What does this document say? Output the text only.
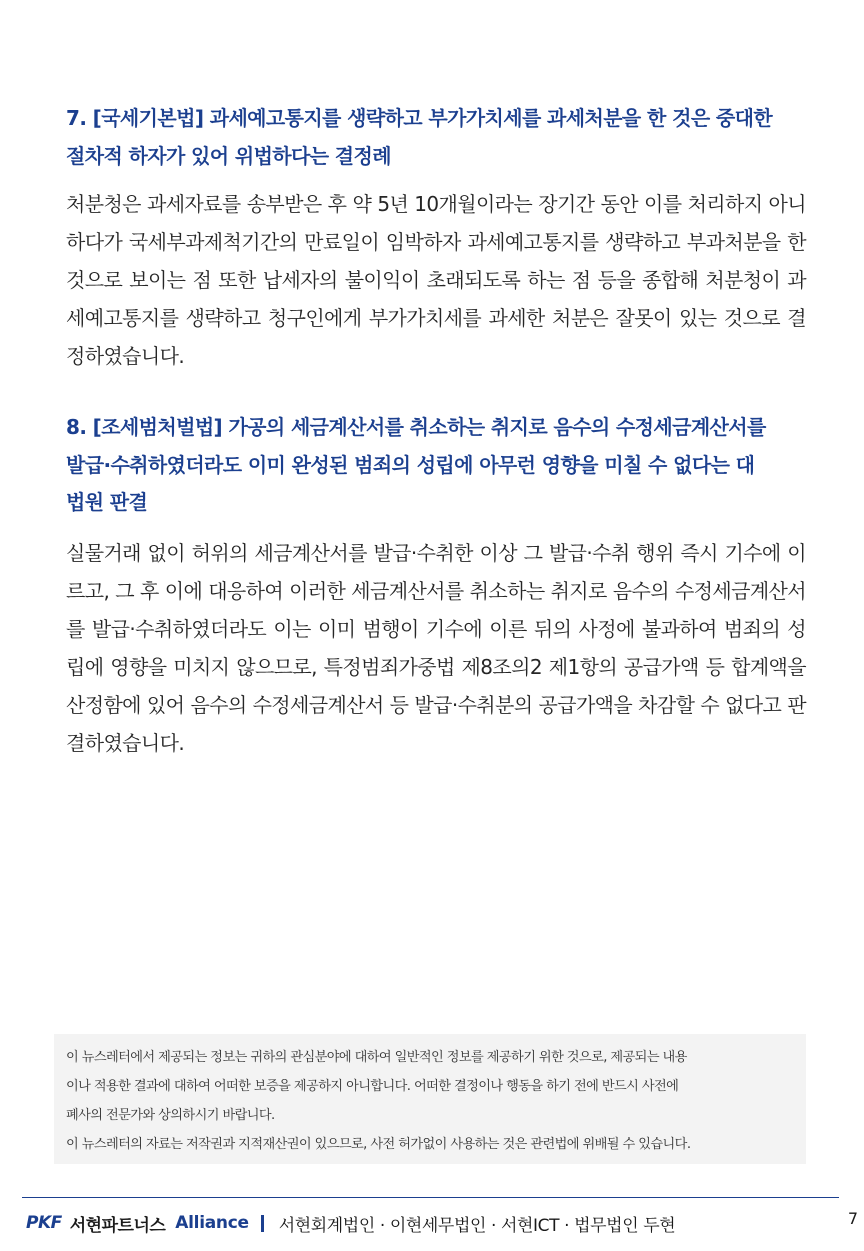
7. [국세기본법] 과세예고통지를 생략하고 부가가치세를 과세처분을 한 것은 중대한
절차적 하자가 있어 위법하다는 결정례

처분청은 과세자료를 송부받은 후 약 5년 10개월이라는 장기간 동안 이를 처리하지 아니하다가 국세부과제척기간의 만료일이 임박하자 과세예고통지를 생략하고 부과처분을 한 것으로 보이는 점 또한 납세자의 불이익이 초래되도록 하는 점 등을 종합해 처분청이 과세예고통지를 생략하고 청구인에게 부가가치세를 과세한 처분은 잘못이 있는 것으로 결정하였습니다.

8. [조세범처벌법] 가공의 세금계산서를 취소하는 취지로 음수의 수정세금계산서를
발급·수취하였더라도 이미 완성된 범죄의 성립에 아무런 영향을 미칠 수 없다는 대
법원 판결

실물거래 없이 허위의 세금계산서를 발급·수취한 이상 그 발급·수취 행위 즉시 기수에 이르고, 그 후 이에 대응하여 이러한 세금계산서를 취소하는 취지로 음수의 수정세금계산서를 발급·수취하였더라도 이는 이미 범행이 기수에 이른 뒤의 사정에 불과하여 범죄의 성립에 영향을 미치지 않으므로, 특정범죄가중법 제8조의2 제1항의 공급가액 등 합계액을 산정함에 있어 음수의 수정세금계산서 등 발급·수취분의 공급가액을 차감할 수 없다고 판결하였습니다.

이 뉴스레터에서 제공되는 정보는 귀하의 관심분야에 대하여 일반적인 정보를 제공하기 위한 것으로, 제공되는 내용

이나 적용한 결과에 대하여 어떠한 보증을 제공하지 아니합니다. 어떠한 결정이나 행동을 하기 전에 반드시 사전에

폐사의 전문가와 상의하시기 바랍니다.

이 뉴스레터의 자료는 저작권과 지적재산권이 있으므로, 사전 허가없이 사용하는 것은 관련법에 위배될 수 있습니다.

PKF 서현파트너스 Alliance 서현회계법인 · 이현세무법인 · 서현ICT · 법무법인 두현	7
